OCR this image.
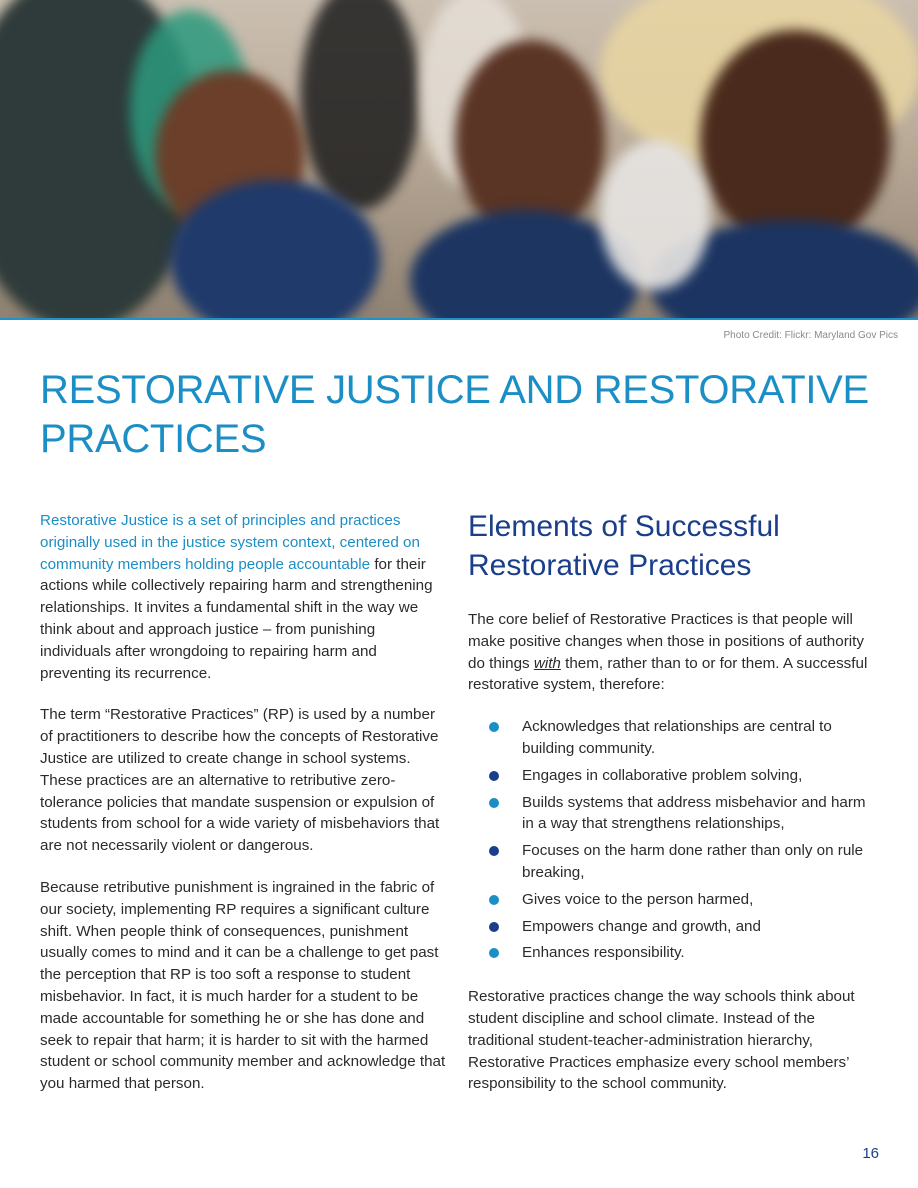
Photo Credit: Flickr: Maryland Gov Pics
RESTORATIVE JUSTICE AND RESTORATIVE PRACTICES

Restorative Justice is a set of principles and practices originally used in the justice system context, centered on community members holding people accountable for their actions while collectively repairing harm and strengthening relationships. It invites a fundamental shift in the way we think about and approach justice – from punishing individuals after wrongdoing to repairing harm and preventing its recurrence.

The term “Restorative Practices” (RP) is used by a number of practitioners to describe how the concepts of Restorative Justice are utilized to create change in school systems. These practices are an alternative to retributive zero-tolerance policies that mandate suspension or expulsion of students from school for a wide variety of misbehaviors that are not necessarily violent or dangerous.

Because retributive punishment is ingrained in the fabric of our society, implementing RP requires a significant culture shift. When people think of consequences, punishment usually comes to mind and it can be a challenge to get past the perception that RP is too soft a response to student misbehavior. In fact, it is much harder for a student to be made accountable for something he or she has done and seek to repair that harm; it is harder to sit with the harmed student or school community member and acknowledge that you harmed that person.

Elements of Successful Restorative Practices

The core belief of Restorative Practices is that people will make positive changes when those in positions of authority do things with them, rather than to or for them. A successful restorative system, therefore:

Acknowledges that relationships are central to building community.
Engages in collaborative problem solving,
Builds systems that address misbehavior and harm in a way that strengthens relationships,
Focuses on the harm done rather than only on rule breaking,
Gives voice to the person harmed,
Empowers change and growth, and
Enhances responsibility.

Restorative practices change the way schools think about student discipline and school climate. Instead of the traditional student-teacher-administration hierarchy, Restorative Practices emphasize every school members’ responsibility to the school community.

16
